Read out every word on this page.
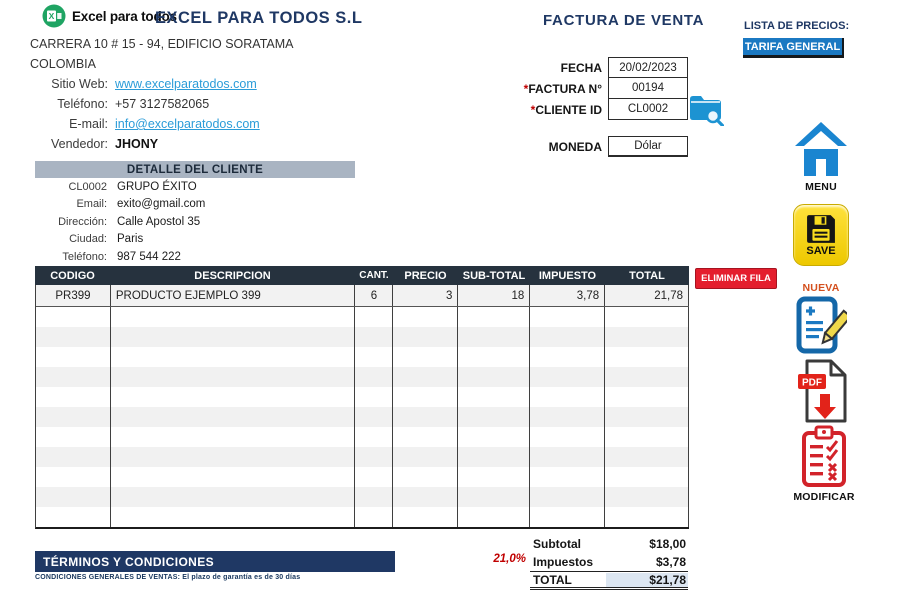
X Excel para todos
EXCEL PARA TODOS S.L
CARRERA 10 # 15 - 94, EDIFICIO SORATAMA
COLOMBIA
Sitio Web: www.excelparatodos.com
Teléfono: +57 3127582065
E-mail: info@excelparatodos.com
Vendedor: JHONY
FACTURA DE VENTA	LISTA DE PRECIOS:
TARIFA GENERAL
FECHA	20/02/2023
*FACTURA N°	00194
*CLIENTE ID	CL0002
MONEDA	Dólar
DETALLE DEL CLIENTE
CL0002 GRUPO ÉXITO
Email: exito@gmail.com
Dirección: Calle Apostol 35
Ciudad: Paris
Teléfono: 987 544 222
CODIGO	DESCRIPCION	CANT.	PRECIO	SUB-TOTAL	IMPUESTO	TOTAL
PR399	PRODUCTO EJEMPLO 399	6	3	18	3,78	21,78
ELIMINAR FILA
21,0%
Subtotal	$18,00
Impuestos	$3,78
TOTAL	$21,78
TÉRMINOS Y CONDICIONES
CONDICIONES GENERALES DE VENTAS: El plazo de garantía es de 30 días
MENU
SAVE
NUEVA
PDF
MODIFICAR
